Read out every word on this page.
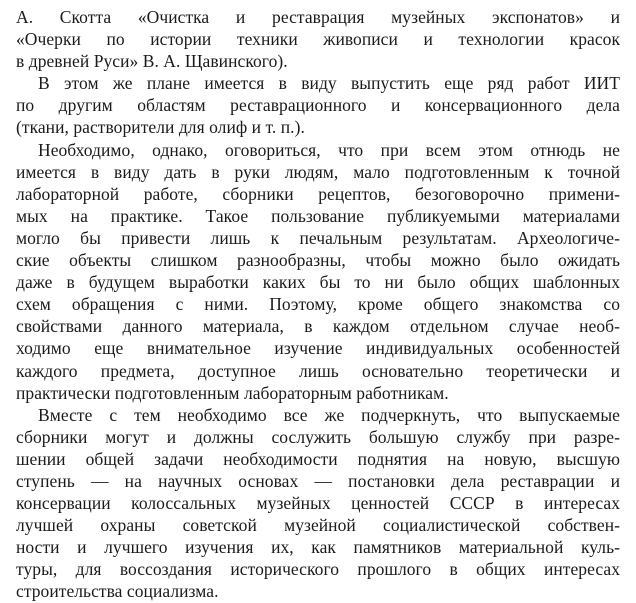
А. Скотта «Очистка и реставрация музейных экспонатов» и
«Очерки по истории техники живописи и технологии красок
в древней Руси» В. А. Щавинского).
В этом же плане имеется в виду выпустить еще ряд работ ИИТ
по другим областям реставрационного и консервационного дела
(ткани, растворители для олиф и т. п.).
Необходимо, однако, оговориться, что при всем этом отнюдь не
имеется в виду дать в руки людям, мало подготовленным к точной
лабораторной работе, сборники рецептов, безоговорочно примени-
мых на практике. Такое пользование публикуемыми материалами
могло бы привести лишь к печальным результатам. Археологиче-
ские объекты слишком разнообразны, чтобы можно было ожидать
даже в будущем выработки каких бы то ни было общих шаблонных
схем обращения с ними. Поэтому, кроме общего знакомства со
свойствами данного материала, в каждом отдельном случае необ-
ходимо еще внимательное изучение индивидуальных особенностей
каждого предмета, доступное лишь основательно теоретически и
практически подготовленным лабораторным работникам.
Вместе с тем необходимо все же подчеркнуть, что выпускаемые
сборники могут и должны сослужить большую службу при разре-
шении общей задачи необходимости поднятия на новую, высшую
ступень — на научных основах — постановки дела реставрации и
консервации колоссальных музейных ценностей СССР в интересах
лучшей охраны советской музейной социалистической собствен-
ности и лучшего изучения их, как памятников материальной куль-
туры, для воссоздания исторического прошлого в общих интересах
строительства социализма.
